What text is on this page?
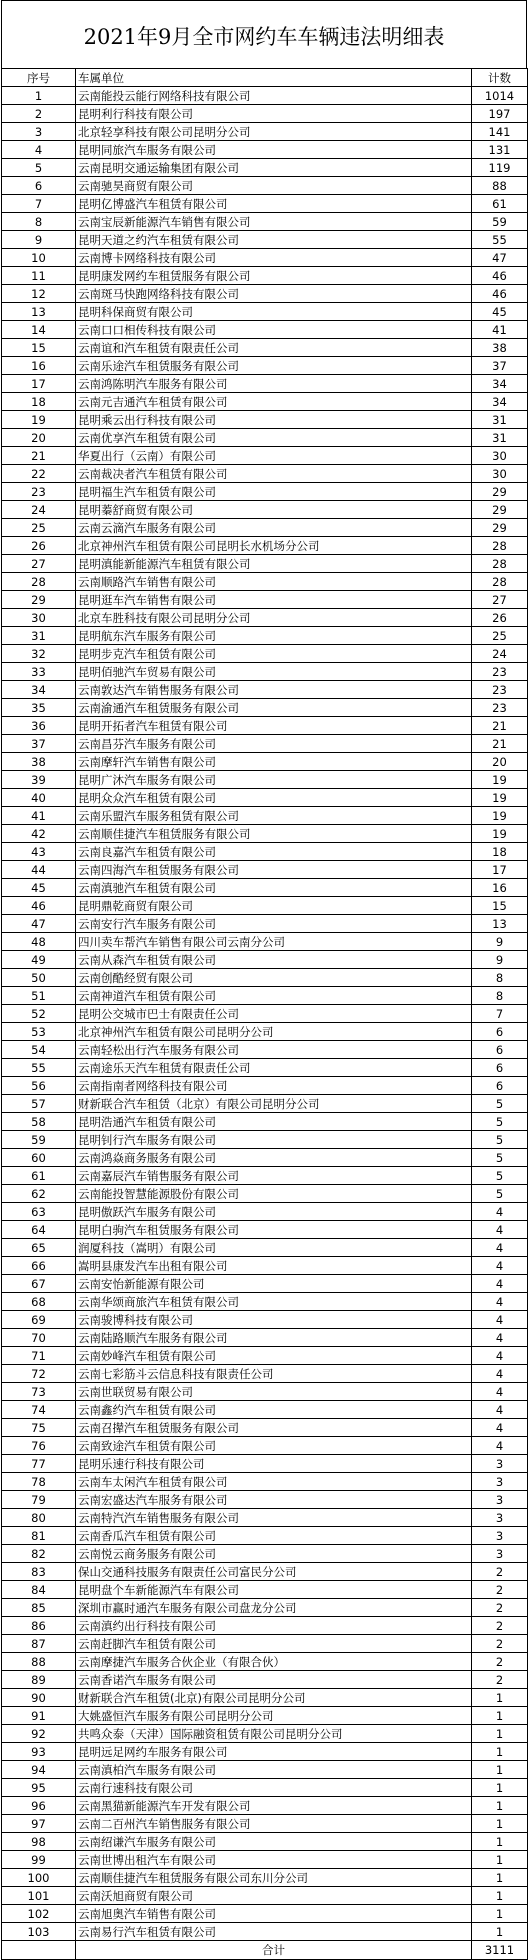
2021年9月全市网约车车辆违法明细表
序号	车属单位	计数
1	云南能投云能行网络科技有限公司	1014
2	昆明利行科技有限公司	197
3	北京轻享科技有限公司昆明分公司	141
4	昆明同旅汽车服务有限公司	131
5	云南昆明交通运输集团有限公司	119
6	云南驰昊商贸有限公司	88
7	昆明亿博盛汽车租赁有限公司	61
8	云南宝辰新能源汽车销售有限公司	59
9	昆明天道之约汽车租赁有限公司	55
10	云南博卡网络科技有限公司	47
11	昆明康发网约车租赁服务有限公司	46
12	云南斑马快跑网络科技有限公司	46
13	昆明科保商贸有限公司	45
14	云南口口相传科技有限公司	41
15	云南谊和汽车租赁有限责任公司	38
16	云南乐途汽车租赁服务有限公司	37
17	云南鸿陈明汽车服务有限公司	34
18	云南元吉通汽车租赁有限公司	34
19	昆明乘云出行科技有限公司	31
20	云南优享汽车租赁有限公司	31
21	华夏出行（云南）有限公司	30
22	云南裁决者汽车租赁有限公司	30
23	昆明福生汽车租赁有限公司	29
24	昆明蓁舒商贸有限公司	29
25	云南云滴汽车服务有限公司	29
26	北京神州汽车租赁有限公司昆明长水机场分公司	28
27	昆明滇能新能源汽车租赁有限公司	28
28	云南顺路汽车销售有限公司	28
29	昆明逛车汽车销售有限公司	27
30	北京车胜科技有限公司昆明分公司	26
31	昆明航东汽车服务有限公司	25
32	昆明步克汽车租赁有限公司	24
33	昆明佰驰汽车贸易有限公司	23
34	云南敦达汽车销售服务有限公司	23
35	云南渝通汽车租赁服务有限公司	23
36	昆明开拓者汽车租赁有限公司	21
37	云南昌芬汽车服务有限公司	21
38	云南摩轩汽车销售有限公司	20
39	昆明广沐汽车服务有限公司	19
40	昆明众众汽车租赁有限公司	19
41	云南乐盟汽车服务租赁有限公司	19
42	云南顺佳捷汽车租赁服务有限公司	19
43	云南良嘉汽车租赁有限公司	18
44	云南四海汽车租赁服务有限公司	17
45	云南滇驰汽车租赁有限公司	16
46	昆明鼎乾商贸有限公司	15
47	云南安行汽车服务有限公司	13
48	四川卖车帮汽车销售有限公司云南分公司	9
49	云南从森汽车租赁有限公司	9
50	云南创酷经贸有限公司	8
51	云南神道汽车租赁有限公司	8
52	昆明公交城市巴士有限责任公司	7
53	北京神州汽车租赁有限公司昆明分公司	6
54	云南轻松出行汽车服务有限公司	6
55	云南途乐天汽车租赁有限责任公司	6
56	云南指南者网络科技有限公司	6
57	财新联合汽车租赁（北京）有限公司昆明分公司	5
58	昆明浩通汽车租赁有限公司	5
59	昆明钊行汽车服务有限公司	5
60	云南鸿焱商务服务有限公司	5
61	云南嘉辰汽车销售服务有限公司	5
62	云南能投智慧能源股份有限公司	5
63	昆明傲跃汽车服务有限公司	4
64	昆明白驹汽车租赁服务有限公司	4
65	润厦科技（嵩明）有限公司	4
66	嵩明县康发汽车出租有限公司	4
67	云南安怡新能源有限公司	4
68	云南华颂商旅汽车租赁有限公司	4
69	云南骏博科技有限公司	4
70	云南陆路顺汽车服务有限公司	4
71	云南妙峰汽车租赁有限公司	4
72	云南七彩筋斗云信息科技有限责任公司	4
73	云南世联贸易有限公司	4
74	云南鑫约汽车租赁有限公司	4
75	云南召撵汽车租赁服务有限公司	4
76	云南致途汽车租赁有限公司	4
77	昆明乐速行科技有限公司	3
78	云南车太闲汽车租赁有限公司	3
79	云南宏盛达汽车服务有限公司	3
80	云南特汽汽车销售服务有限公司	3
81	云南香瓜汽车租赁有限公司	3
82	云南悦云商务服务有限公司	3
83	保山交通科技服务有限责任公司富民分公司	2
84	昆明盘个车新能源汽车有限公司	2
85	深圳市赢时通汽车服务有限公司盘龙分公司	2
86	云南滇约出行科技有限公司	2
87	云南赶脚汽车租赁有限公司	2
88	云南摩捷汽车服务合伙企业（有限合伙）	2
89	云南香诺汽车服务有限公司	2
90	财新联合汽车租赁(北京)有限公司昆明分公司	1
91	大姚盛恒汽车服务有限公司昆明分公司	1
92	共鸣众泰（天津）国际融资租赁有限公司昆明分公司	1
93	昆明远足网约车服务有限公司	1
94	云南滇柏汽车服务有限公司	1
95	云南行速科技有限公司	1
96	云南黑猫新能源汽车开发有限公司	1
97	云南二百州汽车销售服务有限公司	1
98	云南绍谦汽车服务有限公司	1
99	云南世博出租汽车有限公司	1
100	云南顺佳捷汽车租赁服务有限公司东川分公司	1
101	云南沃旭商贸有限公司	1
102	云南旭奥汽车销售有限公司	1
103	云南易行汽车租赁有限公司	1
	合计	3111
